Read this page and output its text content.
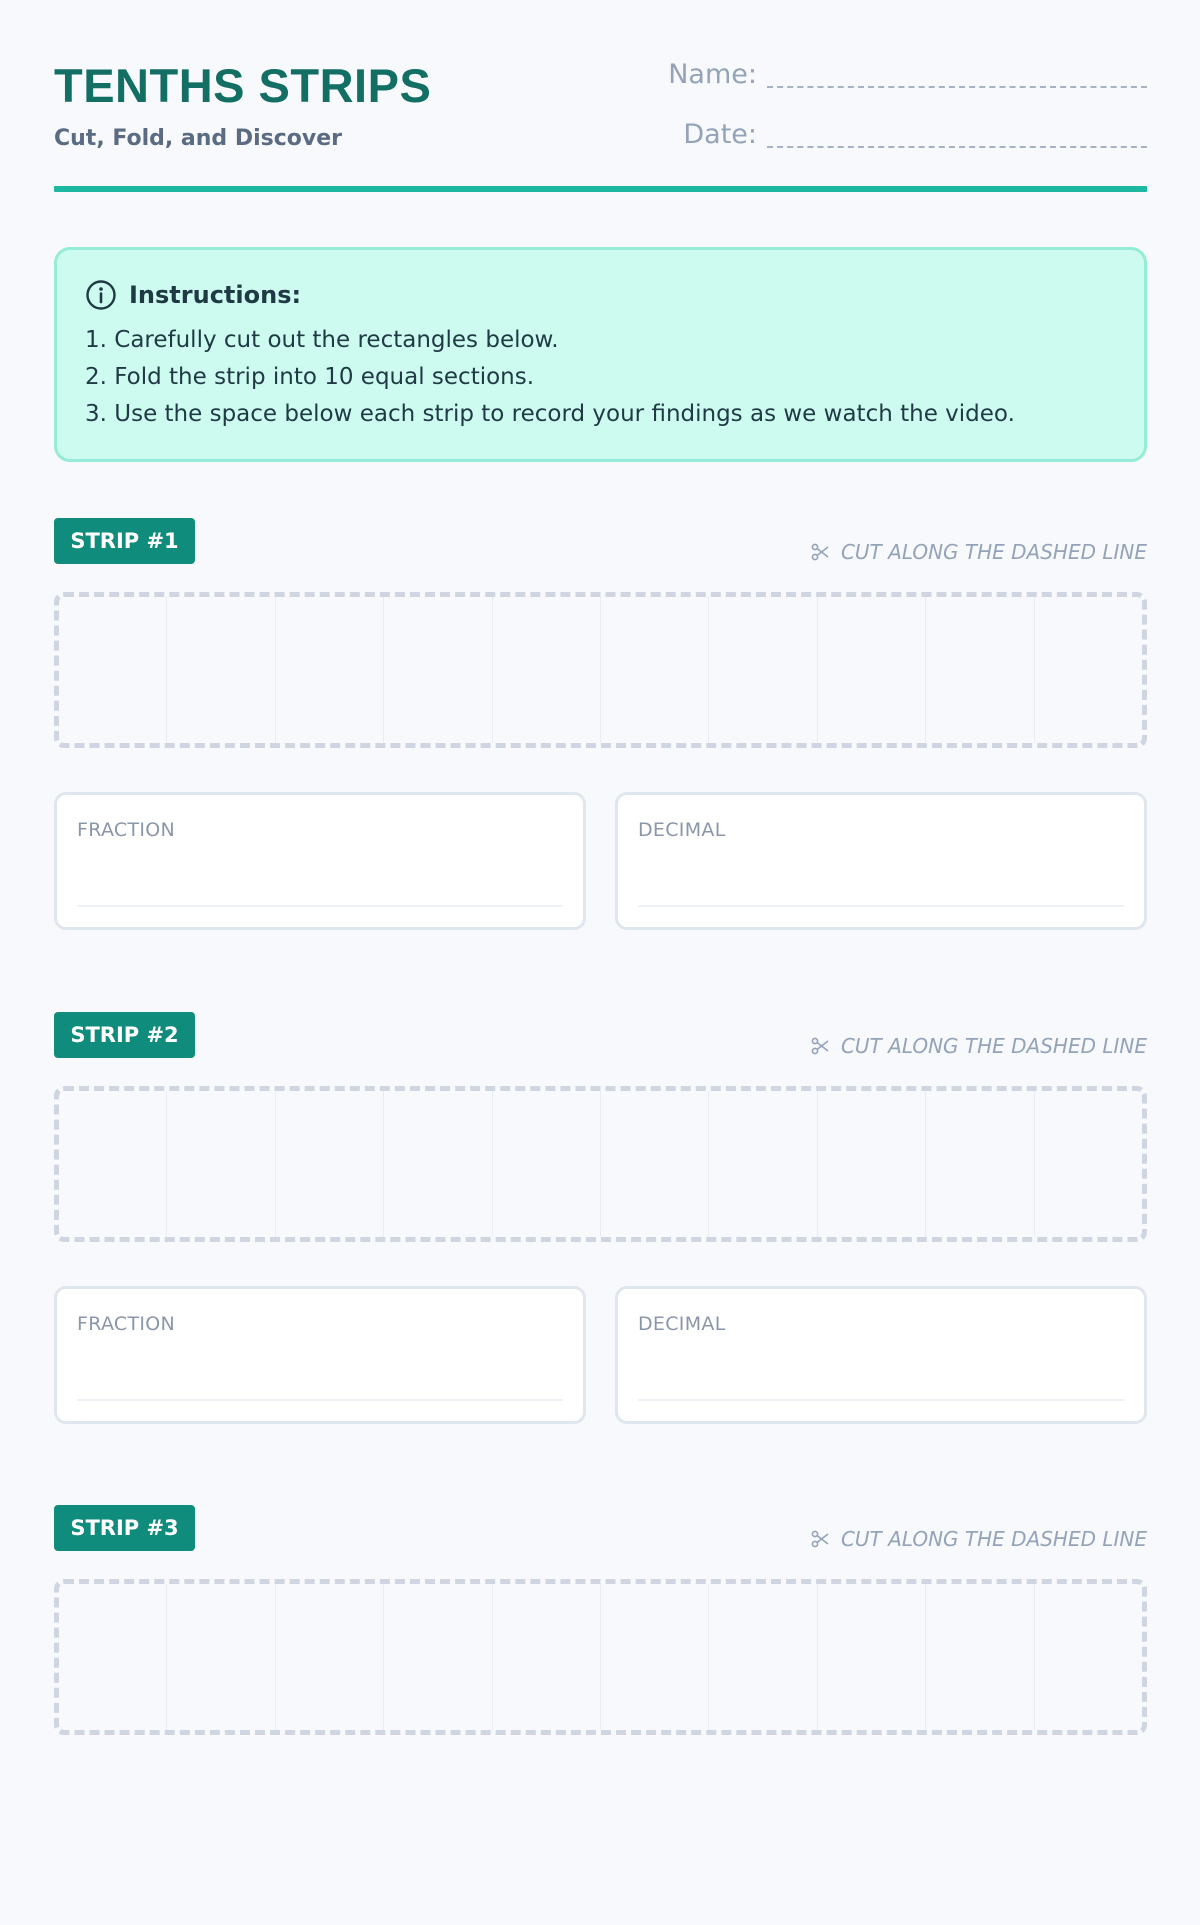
TENTHS STRIPS
Cut, Fold, and Discover
Name:
Date:
Instructions:
1. Carefully cut out the rectangles below.
2. Fold the strip into 10 equal sections.
3. Use the space below each strip to record your findings as we watch the video.
STRIP #1	CUT ALONG THE DASHED LINE
FRACTION	DECIMAL
STRIP #2	CUT ALONG THE DASHED LINE
FRACTION	DECIMAL
STRIP #3	CUT ALONG THE DASHED LINE
